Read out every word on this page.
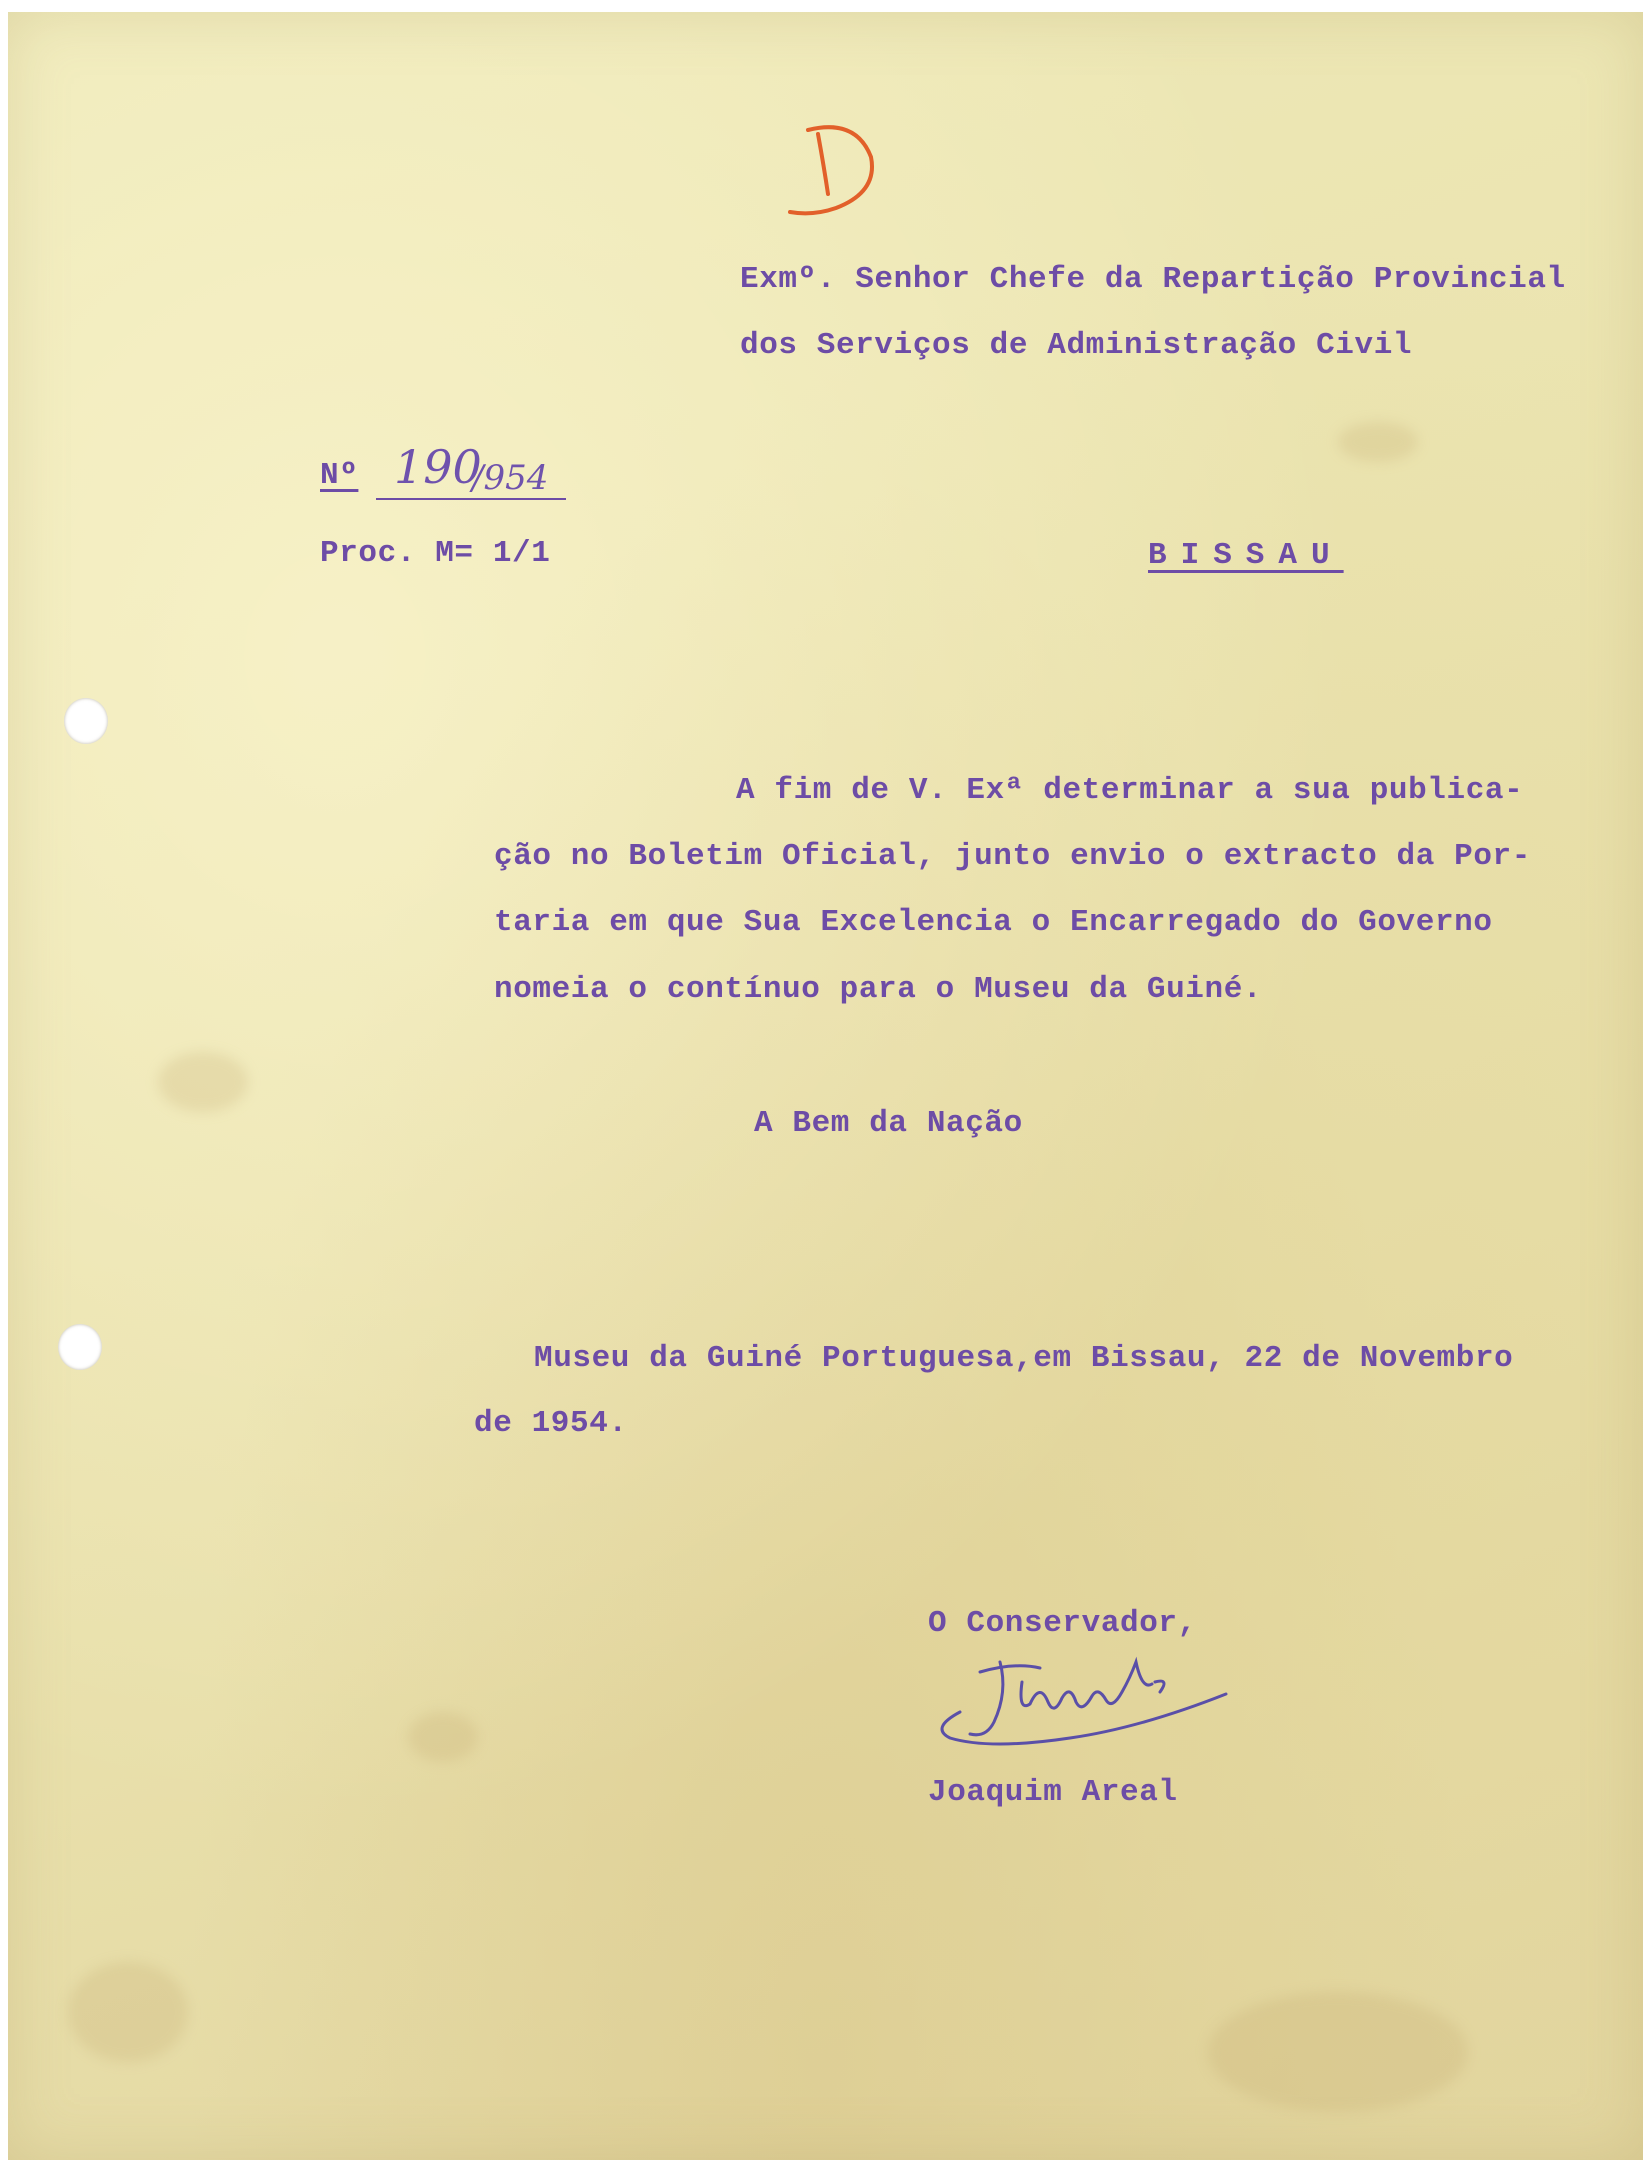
Exmº. Senhor Chefe da Repartição Provincial
dos Serviços de Administração Civil
Nº 190
/954
Proc. M= 1/1	BISSAU
A fim de V. Exª determinar a sua publica-
ção no Boletim Oficial, junto envio o extracto da Por-
taria em que Sua Excelencia o Encarregado do Governo
nomeia o contínuo para o Museu da Guiné.
A Bem da Nação
Museu da Guiné Portuguesa,em Bissau, 22 de Novembro
de 1954.
O Conservador,
Joaquim Areal
